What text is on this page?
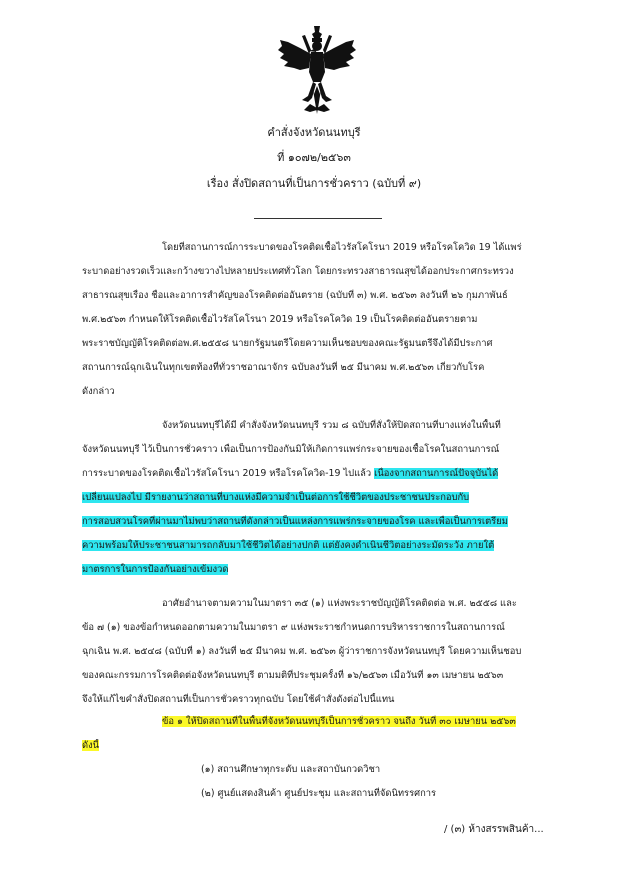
คำสั่งจังหวัดนนทบุรี
ที่ ๑๐๗๒/๒๕๖๓
เรื่อง สั่งปิดสถานที่เป็นการชั่วคราว (ฉบับที่ ๙)
โดยที่สถานการณ์การระบาดของโรคติดเชื้อไวรัสโคโรนา 2019 หรือโรคโควิด 19 ได้แพร่
ระบาดอย่างรวดเร็วและกว้างขวางไปหลายประเทศทั่วโลก โดยกระทรวงสาธารณสุขได้ออกประกาศกระทรวง
สาธารณสุขเรื่อง ชื่อและอาการสำคัญของโรคติดต่ออันตราย (ฉบับที่ ๓) พ.ศ. ๒๕๖๓ ลงวันที่ ๒๖ กุมภาพันธ์
พ.ศ.๒๕๖๓ กำหนดให้โรคติดเชื้อไวรัสโคโรนา 2019 หรือโรคโควิด 19 เป็นโรคติดต่ออันตรายตาม
พระราชบัญญัติโรคติดต่อพ.ศ.๒๕๕๘ นายกรัฐมนตรีโดยความเห็นชอบของคณะรัฐมนตรีจึงได้มีประกาศ
สถานการณ์ฉุกเฉินในทุกเขตท้องที่ทั่วราชอาณาจักร ฉบับลงวันที่ ๒๕ มีนาคม พ.ศ.๒๕๖๓ เกี่ยวกับโรค
ดังกล่าว
จังหวัดนนทบุรีได้มี คำสั่งจังหวัดนนทบุรี รวม ๘ ฉบับที่สั่งให้ปิดสถานที่บางแห่งในพื้นที่
จังหวัดนนทบุรี ไว้เป็นการชั่วคราว เพื่อเป็นการป้องกันมิให้เกิดการแพร่กระจายของเชื้อโรคในสถานการณ์
การระบาดของโรคติดเชื้อไวรัสโคโรนา 2019 หรือโรคโควิด-19 ไปแล้ว เนื่องจากสถานการณ์ปัจจุบันได้
เปลี่ยนแปลงไป มีรายงานว่าสถานที่บางแห่งมีความจำเป็นต่อการใช้ชีวิตของประชาชนประกอบกับ
การสอบสวนโรคที่ผ่านมาไม่พบว่าสถานที่ดังกล่าวเป็นแหล่งการแพร่กระจายของโรค และเพื่อเป็นการเตรียม
ความพร้อมให้ประชาชนสามารถกลับมาใช้ชีวิตได้อย่างปกติ แต่ยังคงดำเนินชีวิตอย่างระมัดระวัง ภายใต้
มาตรการในการป้องกันอย่างเข้มงวด
อาศัยอำนาจตามความในมาตรา ๓๕ (๑) แห่งพระราชบัญญัติโรคติดต่อ พ.ศ. ๒๕๕๘ และ
ข้อ ๗ (๑) ของข้อกำหนดออกตามความในมาตรา ๙ แห่งพระราชกำหนดการบริหารราชการในสถานการณ์
ฉุกเฉิน พ.ศ. ๒๕๔๘ (ฉบับที่ ๑) ลงวันที่ ๒๕ มีนาคม พ.ศ. ๒๕๖๓ ผู้ว่าราชการจังหวัดนนทบุรี โดยความเห็นชอบ
ของคณะกรรมการโรคติดต่อจังหวัดนนทบุรี ตามมติที่ประชุมครั้งที่ ๑๖/๒๕๖๓ เมื่อวันที่ ๑๓ เมษายน ๒๕๖๓
จึงให้แก้ไขคำสั่งปิดสถานที่เป็นการชั่วคราวทุกฉบับ โดยใช้คำสั่งดังต่อไปนี้แทน
ข้อ ๑ ให้ปิดสถานที่ในพื้นที่จังหวัดนนทบุรีเป็นการชั่วคราว จนถึง วันที่ ๓๐ เมษายน ๒๕๖๓
ดังนี้
(๑) สถานศึกษาทุกระดับ และสถาบันกวดวิชา
(๒) ศูนย์แสดงสินค้า ศูนย์ประชุม และสถานที่จัดนิทรรศการ
/ (๓) ห้างสรรพสินค้า...
